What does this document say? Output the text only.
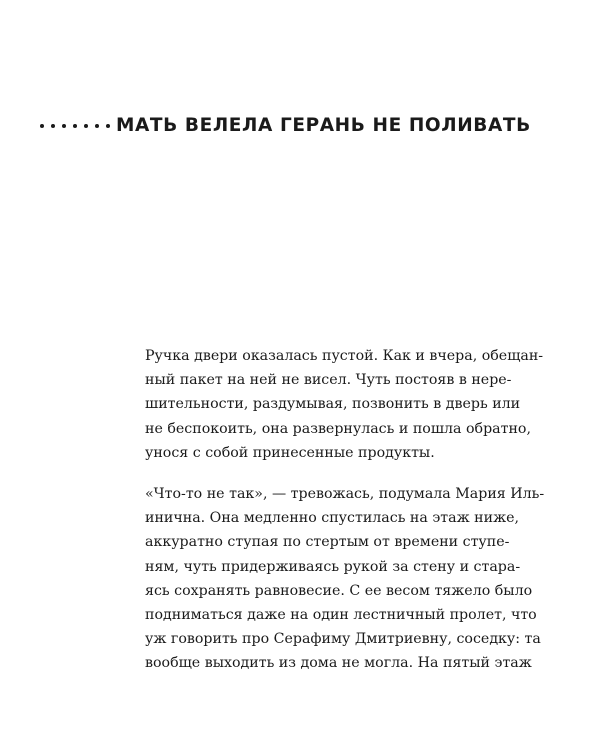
МАТЬ ВЕЛЕЛА ГЕРАНЬ НЕ ПОЛИВАТЬ
Ручка двери оказалась пустой. Как и вчера, обещан-
ный пакет на ней не висел. Чуть постояв в нере-
шительности, раздумывая, позвонить в дверь или
не беспокоить, она развернулась и пошла обратно,
унося с собой принесенные продукты.
«Что-то не так», — тревожась, подумала Мария Иль-
инична. Она медленно спустилась на этаж ниже,
аккуратно ступая по стертым от времени ступе-
ням, чуть придерживаясь рукой за стену и стара-
ясь сохранять равновесие. С ее весом тяжело было
подниматься даже на один лестничный пролет, что
уж говорить про Серафиму Дмитриевну, соседку: та
вообще выходить из дома не могла. На пятый этаж
